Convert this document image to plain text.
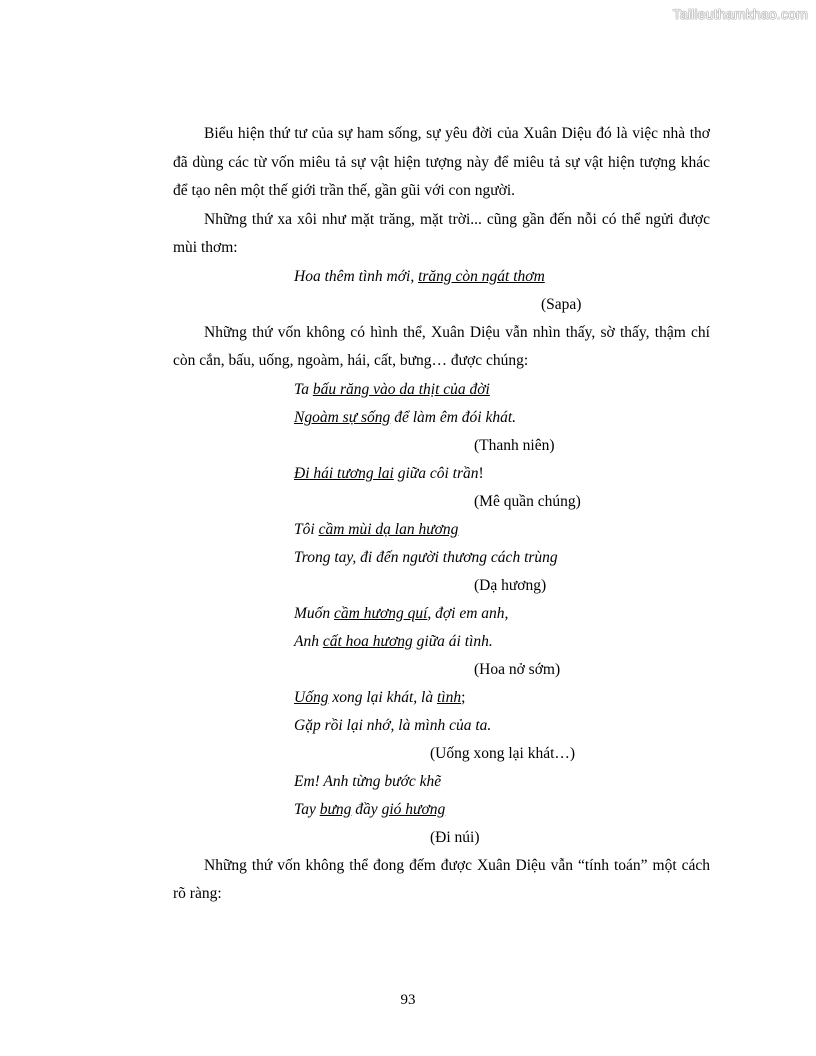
Tailieuthamkhao.com

Biểu hiện thứ tư của sự ham sống, sự yêu đời của Xuân Diệu đó là việc nhà thơ đã dùng các từ vốn miêu tả sự vật hiện tượng này để miêu tả sự vật hiện tượng khác để tạo nên một thế giới trần thế, gần gũi với con người.

Những thứ xa xôi như mặt trăng, mặt trời... cũng gần đến nỗi có thể ngửi được mùi thơm:

Hoa thêm tình mới, trăng còn ngát thơm
(Sapa)

Những thứ vốn không có hình thể, Xuân Diệu vẫn nhìn thấy, sờ thấy, thậm chí còn cắn, bấu, uống, ngoàm, hái, cất, bưng… được chúng:

Ta bấu răng vào da thịt của đời
Ngoàm sự sống để làm êm đói khát.
(Thanh niên)
Đi hái tương lai giữa côi trần!
(Mê quần chúng)
Tôi cầm mùi dạ lan hương
Trong tay, đi đến người thương cách trùng
(Dạ hương)
Muốn cầm hương quí, đợi em anh,
Anh cất hoa hương giữa ái tình.
(Hoa nở sớm)
Uống xong lại khát, là tình;
Gặp rồi lại nhớ, là mình của ta.
(Uống xong lại khát…)
Em! Anh từng bước khẽ
Tay bưng đầy gió hương
(Đi núi)

Những thứ vốn không thể đong đếm được Xuân Diệu vẫn “tính toán” một cách rõ ràng:

93
